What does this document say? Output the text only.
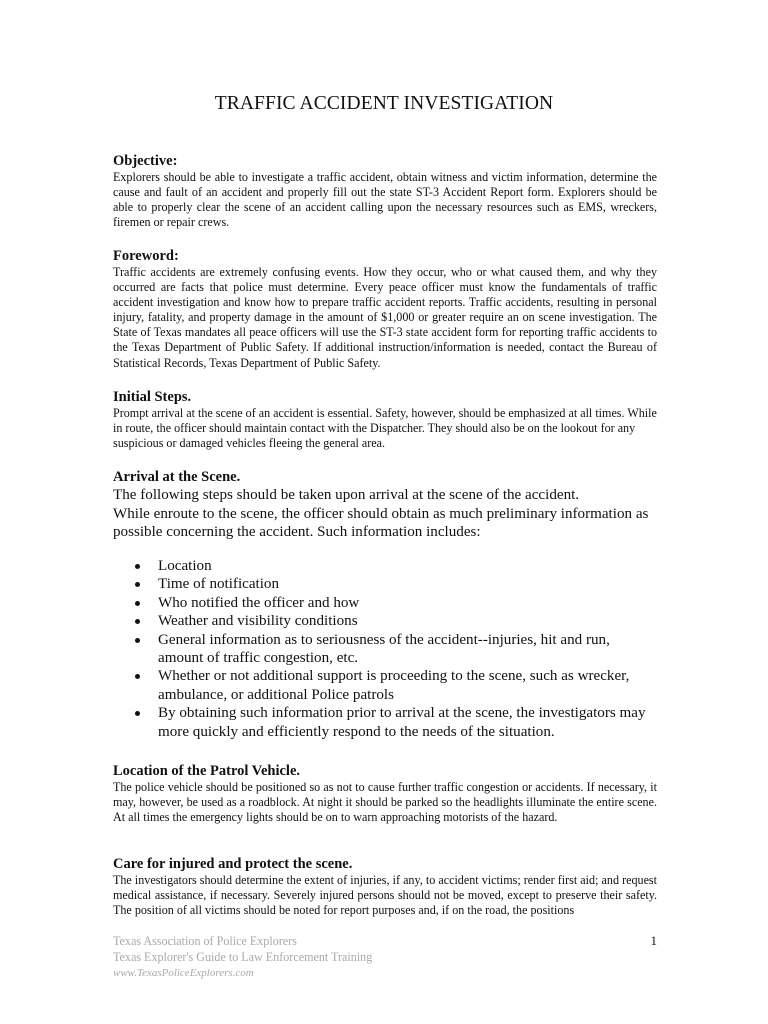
TRAFFIC ACCIDENT INVESTIGATION

Objective:

Explorers should be able to investigate a traffic accident, obtain witness and victim information, determine the cause and fault of an accident and properly fill out the state ST-3 Accident Report form. Explorers should be able to properly clear the scene of an accident calling upon the necessary resources such as EMS, wreckers, firemen or repair crews.

Foreword:

Traffic accidents are extremely confusing events. How they occur, who or what caused them, and why they occurred are facts that police must determine. Every peace officer must know the fundamentals of traffic accident investigation and know how to prepare traffic accident reports. Traffic accidents, resulting in personal injury, fatality, and property damage in the amount of $1,000 or greater require an on scene investigation. The State of Texas mandates all peace officers will use the ST-3 state accident form for reporting traffic accidents to the Texas Department of Public Safety. If additional instruction/information is needed, contact the Bureau of Statistical Records, Texas Department of Public Safety.

Initial Steps.

Prompt arrival at the scene of an accident is essential. Safety, however, should be emphasized at all times. While in route, the officer should maintain contact with the Dispatcher. They should also be on the lookout for any suspicious or damaged vehicles fleeing the general area.

Arrival at the Scene.

The following steps should be taken upon arrival at the scene of the accident.

While enroute to the scene, the officer should obtain as much preliminary information as possible concerning the accident. Such information includes:

Location
Time of notification
Who notified the officer and how
Weather and visibility conditions
General information as to seriousness of the accident--injuries, hit and run, amount of traffic congestion, etc.
Whether or not additional support is proceeding to the scene, such as wrecker, ambulance, or additional Police patrols
By obtaining such information prior to arrival at the scene, the investigators may more quickly and efficiently respond to the needs of the situation.

Location of the Patrol Vehicle.

The police vehicle should be positioned so as not to cause further traffic congestion or accidents. If necessary, it may, however, be used as a roadblock. At night it should be parked so the headlights illuminate the entire scene. At all times the emergency lights should be on to warn approaching motorists of the hazard.

Care for injured and protect the scene.

The investigators should determine the extent of injuries, if any, to accident victims; render first aid; and request medical assistance, if necessary. Severely injured persons should not be moved, except to preserve their safety. The position of all victims should be noted for report purposes and, if on the road, the positions

Texas Association of Police Explorers
Texas Explorer's Guide to Law Enforcement Training
www.TexasPoliceExplorers.com
1
